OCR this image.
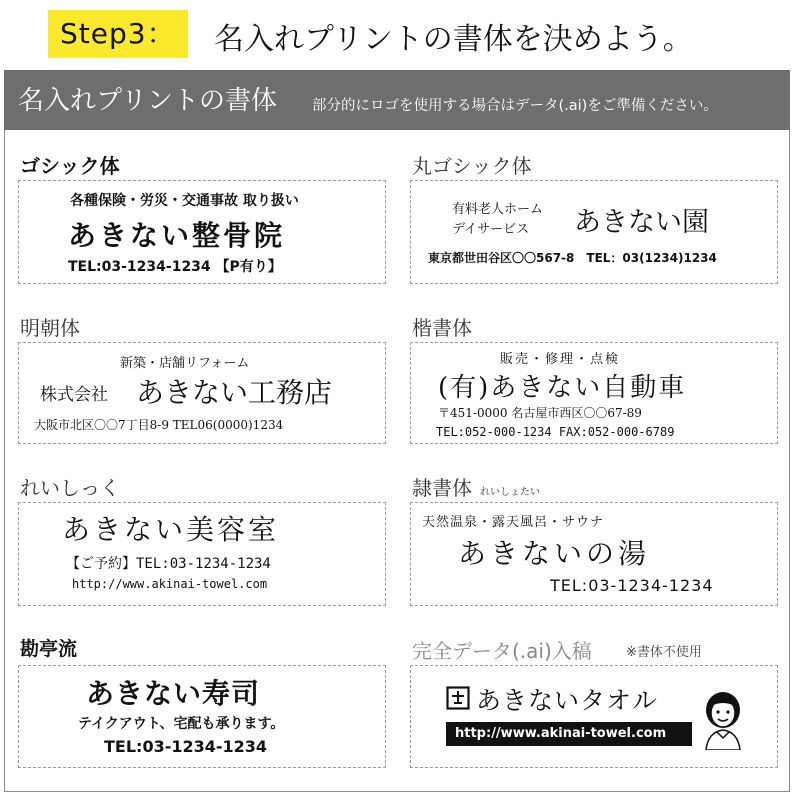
Step3： 名入れプリントの書体を決めよう。
名入れプリントの書体 部分的にロゴを使用する場合はデータ(.ai)をご準備ください。
ゴシック体
各種保険・労災・交通事故 取り扱い
あきない整骨院
TEL:03-1234-1234 【P有り】
丸ゴシック体
有料老人ホーム
デイサービス あきない園
東京都世田谷区〇〇567-8　TEL：03(1234)1234
明朝体
新築・店舗リフォーム
株式会社 あきない工務店
大阪市北区〇〇7丁目8-9 TEL06(0000)1234
楷書体
販売・修理・点検
(有)あきない自動車
〒451-0000 名古屋市西区〇〇67-89
TEL:052-000-1234 FAX:052-000-6789
れいしっく
あきない美容室
【ご予約】TEL:03-1234-1234
http://www.akinai-towel.com
隷書体 れいしょたい
天然温泉・露天風呂・サウナ
あきないの湯
TEL:03-1234-1234
勘亭流
あきない寿司
テイクアウト、宅配も承ります。
TEL:03-1234-1234
完全データ(.ai)入稿	※書体不使用
あきないタオル
http://www.akinai-towel.com
